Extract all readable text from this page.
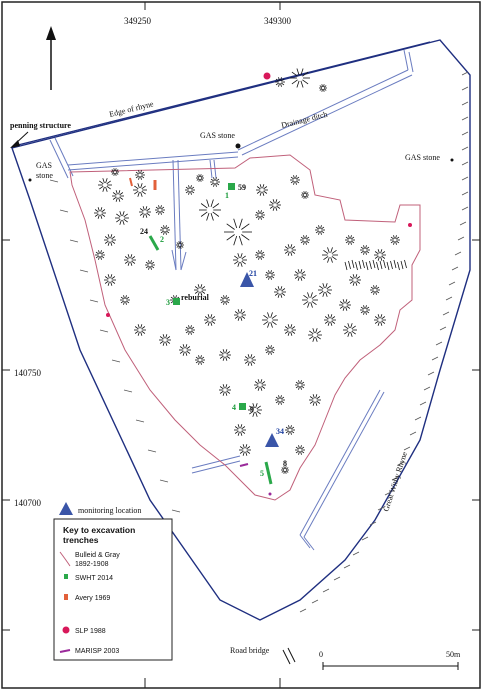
349250	349300
140750
140700
Edge of rhyne
penning structure	Drainage ditch
GAS stone
GAS
stone
GAS stone
Great Withy Rhyne
Road bridge
reburial
59
1
24
2
21
3
4 9
34
5
8
monitoring location
Key to excavation
trenches
Bulleid & Gray
1892-1908
SWHT 2014
Avery 1969
SLP 1988
MARISP 2003	0	50m
